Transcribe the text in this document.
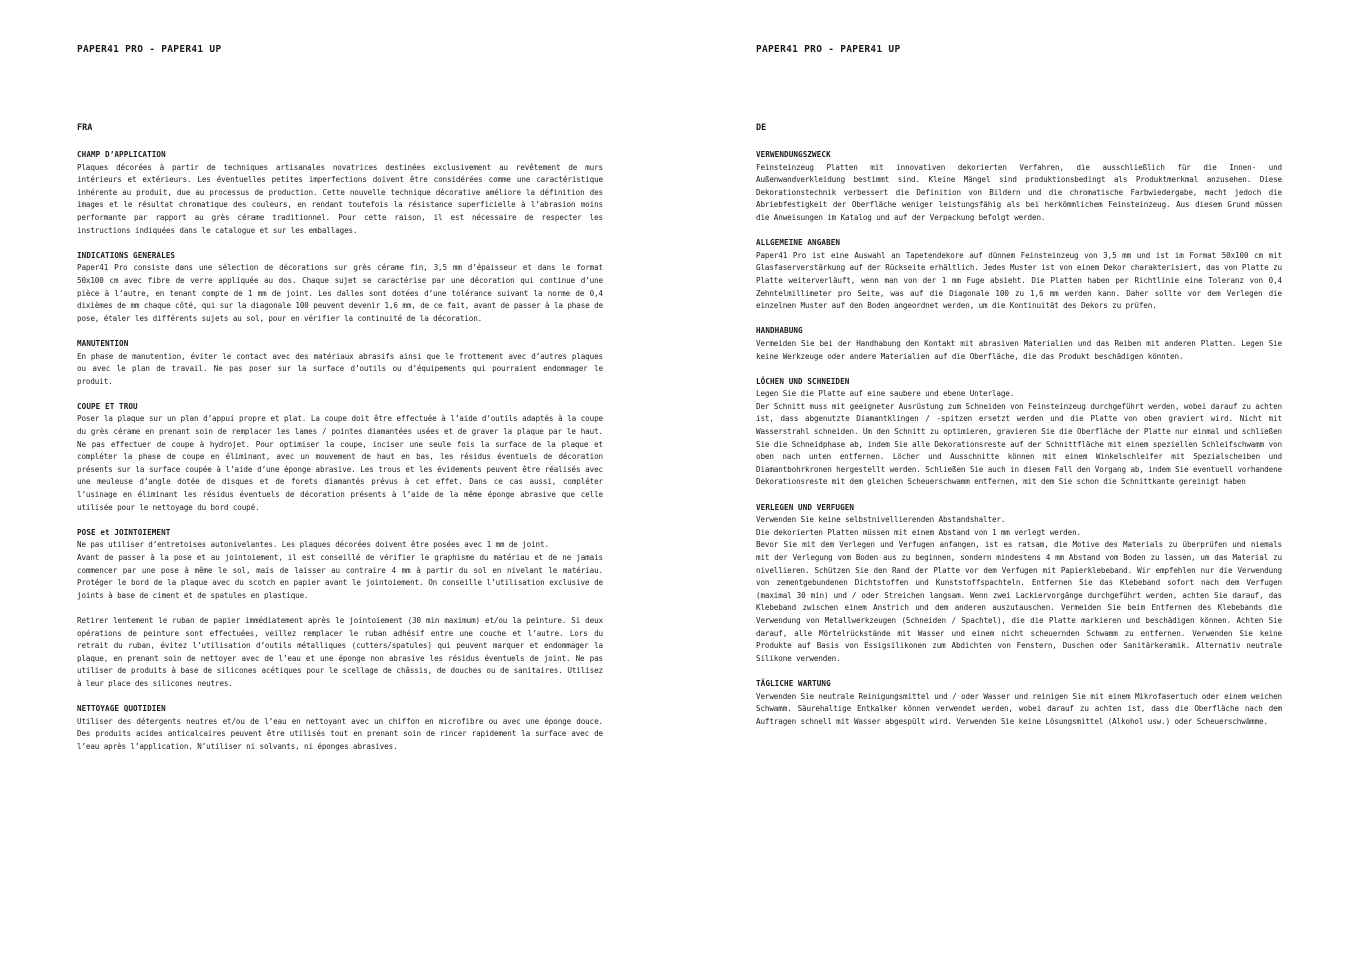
PAPER41 PRO - PAPER41 UP
FRA
CHAMP D’APPLICATION

Plaques décorées à partir de techniques artisanales novatrices destinées exclusivement au revêtement de murs intérieurs et extérieurs. Les éventuelles petites imperfections doivent être considérées comme une caractéristique inhérente au produit, due au processus de production. Cette nouvelle technique décorative améliore la définition des images et le résultat chromatique des couleurs, en rendant toutefois la résistance superficielle à l’abrasion moins performante par rapport au grès cérame traditionnel. Pour cette raison, il est nécessaire de respecter les instructions indiquées dans le catalogue et sur les emballages.

INDICATIONS GENERALES

Paper41 Pro consiste dans une sélection de décorations sur grès cérame fin, 3,5 mm d’épaisseur et dans le format 50x100 cm avec fibre de verre appliquée au dos. Chaque sujet se caractérise par une décoration qui continue d’une pièce à l’autre, en tenant compte de 1 mm de joint. Les dalles sont dotées d’une tolérance suivant la norme de 0,4 dixièmes de mm chaque côté, qui sur la diagonale 100 peuvent devenir 1,6 mm, de ce fait, avant de passer à la phase de pose, étaler les différents sujets au sol, pour en vérifier la continuité de la décoration.

MANUTENTION

En phase de manutention, éviter le contact avec des matériaux abrasifs ainsi que le frottement avec d’autres plaques ou avec le plan de travail. Ne pas poser sur la surface d’outils ou d’équipements qui pourraient endommager le produit.

COUPE ET TROU

Poser la plaque sur un plan d’appui propre et plat. La coupe doit être effectuée à l’aide d’outils adaptés à la coupe du grès cérame en prenant soin de remplacer les lames / pointes diamantées usées et de graver la plaque par le haut. Ne pas effectuer de coupe à hydrojet. Pour optimiser la coupe, inciser une seule fois la surface de la plaque et compléter la phase de coupe en éliminant, avec un mouvement de haut en bas, les résidus éventuels de décoration présents sur la surface coupée à l’aide d’une éponge abrasive. Les trous et les évidements peuvent être réalisés avec une meuleuse d’angle dotée de disques et de forets diamantés prévus à cet effet. Dans ce cas aussi, compléter l’usinage en éliminant les résidus éventuels de décoration présents à l’aide de la même éponge abrasive que celle utilisée pour le nettoyage du bord coupé.

POSE et JOINTOIEMENT

Ne pas utiliser d’entretoises autonivelantes. Les plaques décorées doivent être posées avec 1 mm de joint.

Avant de passer à la pose et au jointoiement, il est conseillé de vérifier le graphisme du matériau et de ne jamais commencer par une pose à même le sol, mais de laisser au contraire 4 mm à partir du sol en nivelant le matériau. Protéger le bord de la plaque avec du scotch en papier avant le jointoiement. On conseille l’utilisation exclusive de joints à base de ciment et de spatules en plastique.

Retirer lentement le ruban de papier immédiatement après le jointoiement (30 min maximum) et/ou la peinture. Si deux opérations de peinture sont effectuées, veillez remplacer le ruban adhésif entre une couche et l’autre. Lors du retrait du ruban, évitez l’utilisation d’outils métalliques (cutters/spatules) qui peuvent marquer et endommager la plaque, en prenant soin de nettoyer avec de l’eau et une éponge non abrasive les résidus éventuels de joint. Ne pas utiliser de produits à base de silicones acétiques pour le scellage de châssis, de douches ou de sanitaires. Utilisez à leur place des silicones neutres.

NETTOYAGE QUOTIDIEN

Utiliser des détergents neutres et/ou de l’eau en nettoyant avec un chiffon en microfibre ou avec une éponge douce. Des produits acides anticalcaires peuvent être utilisés tout en prenant soin de rincer rapidement la surface avec de l’eau après l’application. N’utiliser ni solvants, ni éponges abrasives.

PAPER41 PRO - PAPER41 UP
DE
VERWENDUNGSZWECK

Feinsteinzeug Platten mit innovativen dekorierten Verfahren, die ausschließlich für die Innen- und Außenwandverkleidung bestimmt sind. Kleine Mängel sind produktionsbedingt als Produktmerkmal anzusehen. Diese Dekorationstechnik verbessert die Definition von Bildern und die chromatische Farbwiedergabe, macht jedoch die Abriebfestigkeit der Oberfläche weniger leistungsfähig als bei herkömmlichem Feinsteinzeug. Aus diesem Grund müssen die Anweisungen im Katalog und auf der Verpackung befolgt werden.

ALLGEMEINE ANGABEN

Paper41 Pro ist eine Auswahl an Tapetendekore auf dünnem Feinsteinzeug von 3,5 mm und ist im Format 50x100 cm mit Glasfaserverstärkung auf der Rückseite erhältlich. Jedes Muster ist von einem Dekor charakterisiert, das von Platte zu Platte weiterverläuft, wenn man von der 1 mm Fuge absieht. Die Platten haben per Richtlinie eine Toleranz von 0,4 Zehntelmillimeter pro Seite, was auf die Diagonale 100 zu 1,6 mm werden kann. Daher sollte vor dem Verlegen die einzelnen Muster auf den Boden angeordnet werden, um die Kontinuität des Dekors zu prüfen.

HANDHABUNG

Vermeiden Sie bei der Handhabung den Kontakt mit abrasiven Materialien und das Reiben mit anderen Platten. Legen Sie keine Werkzeuge oder andere Materialien auf die Oberfläche, die das Produkt beschädigen könnten.

LÖCHEN UND SCHNEIDEN

Legen Sie die Platte auf eine saubere und ebene Unterlage.

Der Schnitt muss mit geeigneter Ausrüstung zum Schneiden von Feinsteinzeug durchgeführt werden, wobei darauf zu achten ist, dass abgenutzte Diamantklingen / -spitzen ersetzt werden und die Platte von oben graviert wird. Nicht mit Wasserstrahl schneiden. Um den Schnitt zu optimieren, gravieren Sie die Oberfläche der Platte nur einmal und schließen Sie die Schneidphase ab, indem Sie alle Dekorationsreste auf der Schnittfläche mit einem speziellen Schleifschwamm von oben nach unten entfernen. Löcher und Ausschnitte können mit einem Winkelschleifer mit Spezialscheiben und Diamantbohrkronen hergestellt werden. Schließen Sie auch in diesem Fall den Vorgang ab, indem Sie eventuell vorhandene Dekorationsreste mit dem gleichen Scheuerschwamm entfernen, mit dem Sie schon die Schnittkante gereinigt haben

VERLEGEN UND VERFUGEN

Verwenden Sie keine selbstnivellierenden Abstandshalter.

Die dekorierten Platten müssen mit einem Abstand von 1 mm verlegt werden.

Bevor Sie mit dem Verlegen und Verfugen anfangen, ist es ratsam, die Motive des Materials zu überprüfen und niemals mit der Verlegung vom Boden aus zu beginnen, sondern mindestens 4 mm Abstand vom Boden zu lassen, um das Material zu nivellieren. Schützen Sie den Rand der Platte vor dem Verfugen mit Papierklebeband. Wir empfehlen nur die Verwendung von zementgebundenen Dichtstoffen und Kunststoffspachteln. Entfernen Sie das Klebeband sofort nach dem Verfugen (maximal 30 min) und / oder Streichen langsam. Wenn zwei Lackiervorgänge durchgeführt werden, achten Sie darauf, das Klebeband zwischen einem Anstrich und dem anderen auszutauschen. Vermeiden Sie beim Entfernen des Klebebands die Verwendung von Metallwerkzeugen (Schneiden / Spachtel), die die Platte markieren und beschädigen können. Achten Sie darauf, alle Mörtelrückstände mit Wasser und einem nicht scheuernden Schwamm zu entfernen. Verwenden Sie keine Produkte auf Basis von Essigsilikonen zum Abdichten von Fenstern, Duschen oder Sanitärkeramik. Alternativ neutrale Silikone verwenden.

TÄGLICHE WARTUNG

Verwenden Sie neutrale Reinigungsmittel und / oder Wasser und reinigen Sie mit einem Mikrofasertuch oder einem weichen Schwamm. Säurehaltige Entkalker können verwendet werden, wobei darauf zu achten ist, dass die Oberfläche nach dem Auftragen schnell mit Wasser abgespült wird. Verwenden Sie keine Lösungsmittel (Alkohol usw.) oder Scheuerschwämme.
